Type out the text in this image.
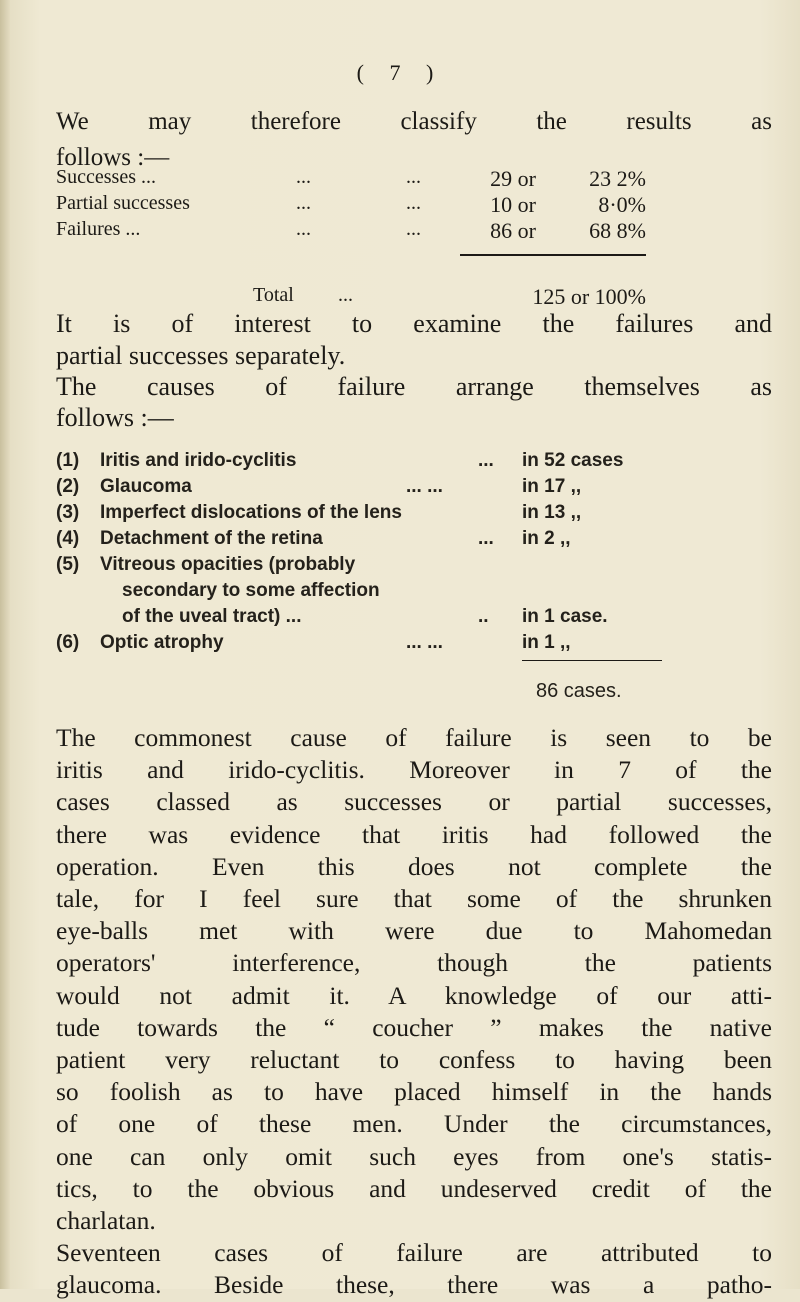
( 7 )
We may therefore classify the results as
follows :—
Successes ...	...	...	29 or	23 2%
Partial successes	...	...	10 or	8·0%
Failures ...	...	...	86 or	68 8%
Total ...	125 or 100%
It is of interest to examine the failures and
partial successes separately.
The causes of failure arrange themselves as
follows :—
(1) Iritis and irido-cyclitis	... in 52 cases
(2) Glaucoma	... ...	in 17 ,,
(3) Imperfect dislocations of the lens	in 13 ,,
(4) Detachment of the retina	... in 2 ,,
(5) Vitreous opacities (probably
secondary to some affection
of the uveal tract) ...	.. in 1 case.
(6) Optic atrophy	... ...	in 1 ,,
86 cases.
The commonest cause of failure is seen to be
iritis and irido-cyclitis. Moreover in 7 of the
cases classed as successes or partial successes,
there was evidence that iritis had followed the
operation. Even this does not complete the
tale, for I feel sure that some of the shrunken
eye-balls met with were due to Mahomedan
operators' interference, though the patients
would not admit it. A knowledge of our atti-
tude towards the “ coucher ” makes the native
patient very reluctant to confess to having been
so foolish as to have placed himself in the hands
of one of these men. Under the circumstances,
one can only omit such eyes from one's statis-
tics, to the obvious and undeserved credit of the
charlatan.
Seventeen cases of failure are attributed to
glaucoma. Beside these, there was a patho-
